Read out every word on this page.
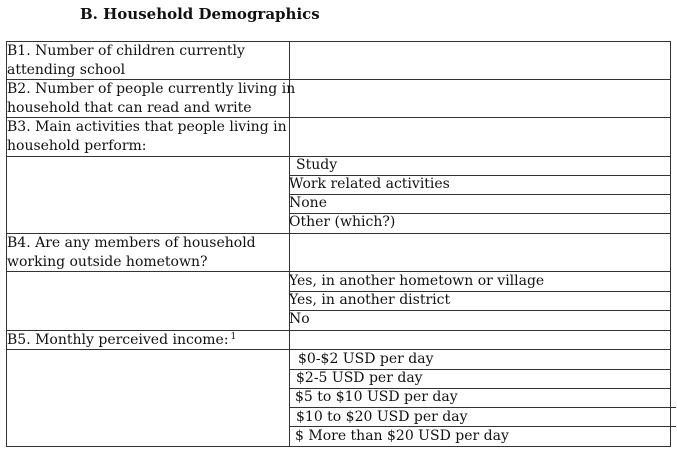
B. Household Demographics
B1. Number of children currently
attending school
B2. Number of people currently living in
household that can read and write
B3. Main activities that people living in
household perform:
Study
Work related activities
None
Other (which?)
B4. Are any members of household
working outside hometown?
Yes, in another hometown or village
Yes, in another district
No
B5. Monthly perceived income: $^1$
$0-$2 USD per day
$2-5 USD per day
$5 to $10 USD per day
$10 to $20 USD per day
$ More than $20 USD per day
